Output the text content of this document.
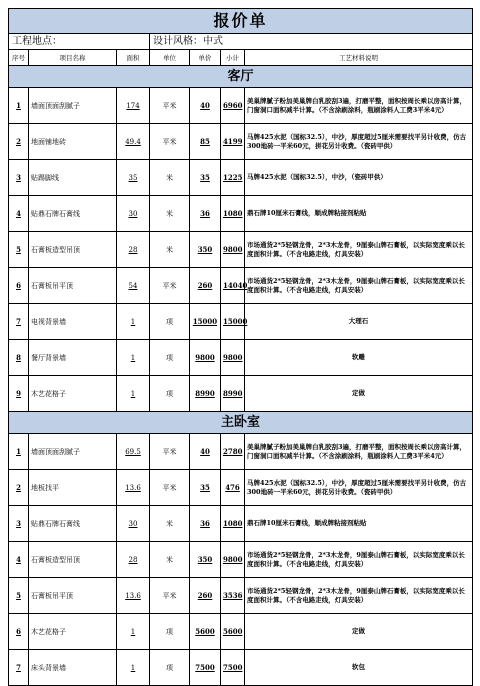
报价单						
工程地点：			设计风格：中式			
序号	项目名称	面积	单位	单价	小计	工艺材料说明
客厅						
1	墙面顶面刮腻子	174	平米	40	6960	美巢牌腻子粉加美巢牌白乳胶刮3遍，打磨平整，面积按周长乘以房高计算，门窗洞口面积减半计算。（不含涂刷涂料，瓶刷涂料人工费3平米4元）
2	地面铺地砖	49.4	平米	85	4199	马牌425水泥（国标32.5），中沙，厚度超过5厘米需要找平另计收费，仿古300地砖一平米60元，拼花另计收费。（瓷砖甲供）
3	贴踢脚线	35	米	35	1225	马牌425水泥（国标32.5），中沙，（瓷砖甲供）
4	贴鼎石牌石膏线	30	米	36	1080	鼎石牌10厘米石膏线，顺成牌粘接剂粘贴
5	石膏板造型吊顶	28	米	350	9800	市场通货2*5轻钢龙骨，2*3木龙骨，9厘泰山牌石膏板，以实际宽度乘以长度面积计算。（不含电路走线，灯具安装）
6	石膏板吊平顶	54	平米	260	14040	市场通货2*5轻钢龙骨，2*3木龙骨，9厘泰山牌石膏板，以实际宽度乘以长度面积计算。（不含电路走线，灯具安装）
7	电视背景墙	1	项	15000	15000	大理石
8	餐厅背景墙	1	项	9800	9800	软雕
9	木艺花格子	1	项	8990	8990	定做
主卧室						
1	墙面顶面刮腻子	69.5	平米	40	2780	美巢牌腻子粉加美巢牌白乳胶刮3遍，打磨平整，面积按周长乘以房高计算，门窗洞口面积减半计算。（不含涂刷涂料，瓶刷涂料人工费3平米4元）
2	地板找平	13.6	平米	35	476	马牌425水泥（国标32.5），中沙，厚度超过5厘米需要找平另计收费，仿古300地砖一平米60元，拼花另计收费。（瓷砖甲供）
3	贴鼎石牌石膏线	30	米	36	1080	鼎石牌10厘米石膏线，顺成牌粘接剂粘贴
4	石膏板造型吊顶	28	米	350	9800	市场通货2*5轻钢龙骨，2*3木龙骨，9厘泰山牌石膏板，以实际宽度乘以长度面积计算。（不含电路走线，灯具安装）
5	石膏板吊平顶	13.6	平米	260	3536	市场通货2*5轻钢龙骨，2*3木龙骨，9厘泰山牌石膏板，以实际宽度乘以长度面积计算。（不含电路走线，灯具安装）
6	木艺花格子	1	项	5600	5600	定做
7	床头背景墙	1	项	7500	7500	软包
